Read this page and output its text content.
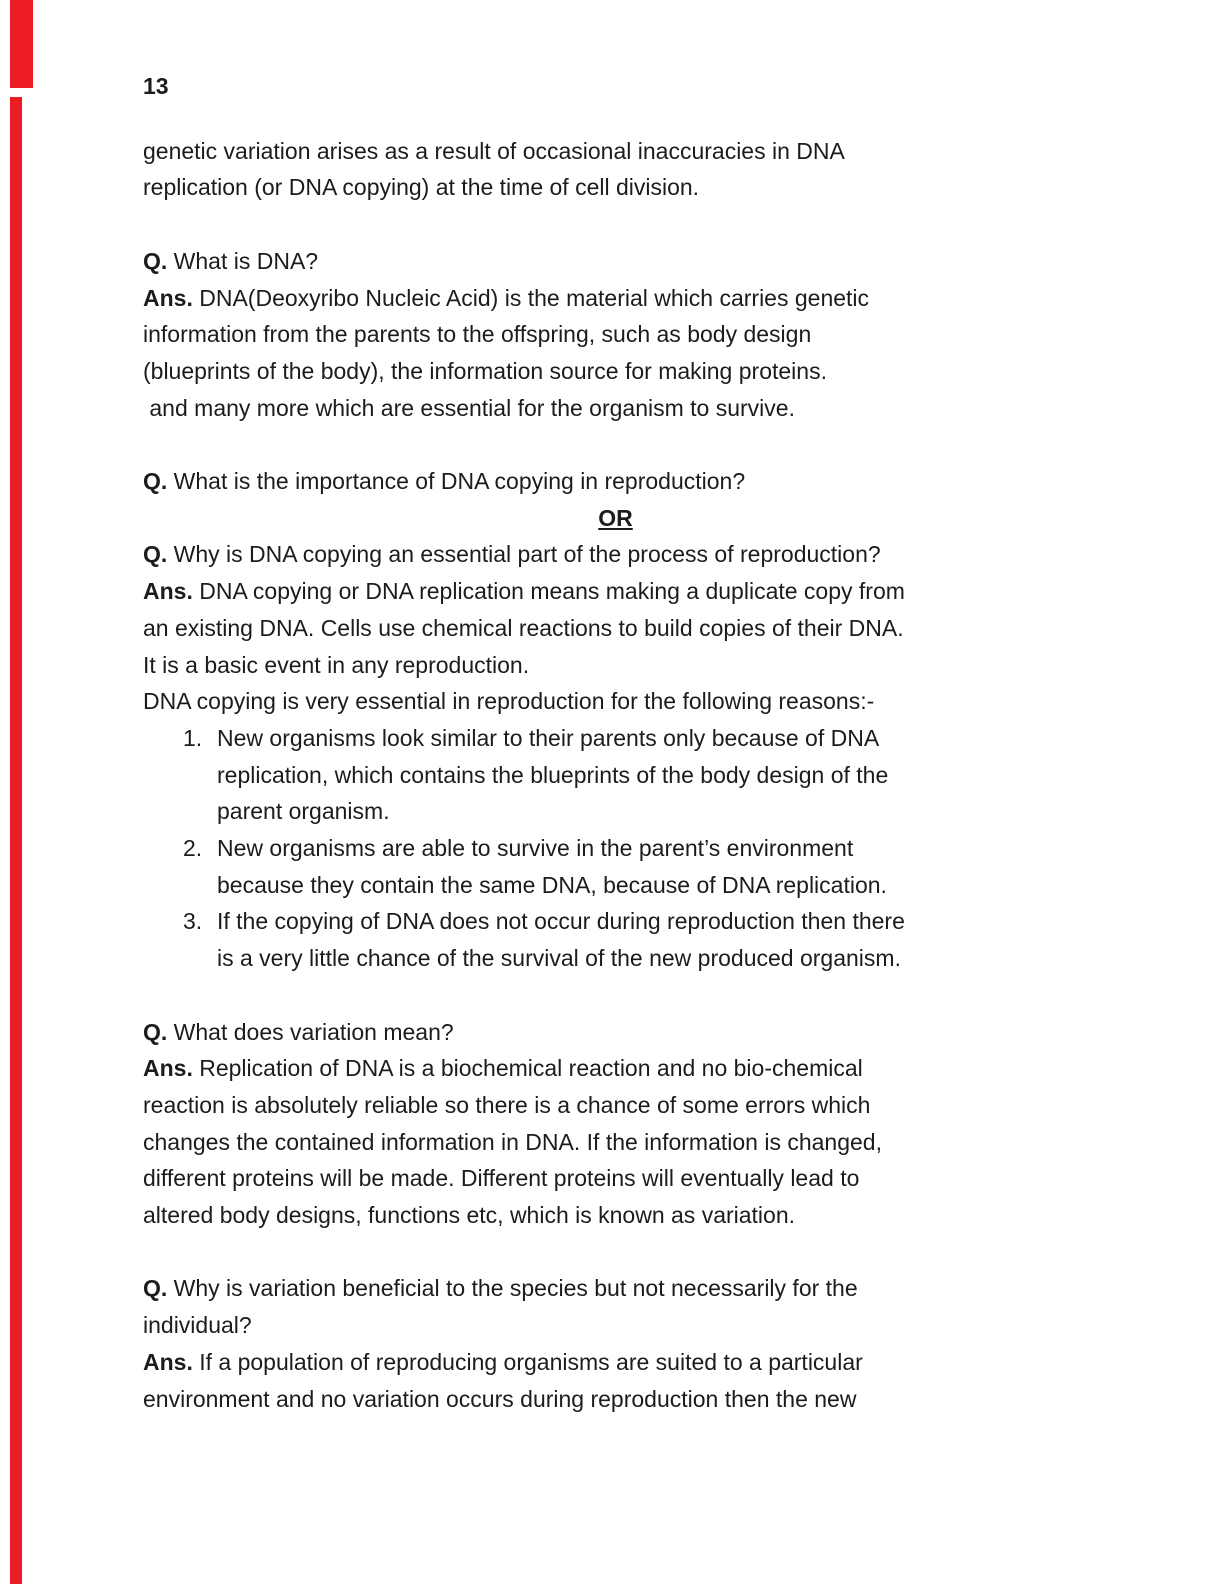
13
genetic variation arises as a result of occasional inaccuracies in DNA
replication (or DNA copying) at the time of cell division.
Q. What is DNA?
Ans. DNA(Deoxyribo Nucleic Acid) is the material which carries genetic
information from the parents to the offspring, such as body design
(blueprints of the body), the information source for making proteins.
and many more which are essential for the organism to survive.
Q. What is the importance of DNA copying in reproduction?
OR
Q. Why is DNA copying an essential part of the process of reproduction?
Ans. DNA copying or DNA replication means making a duplicate copy from
an existing DNA. Cells use chemical reactions to build copies of their DNA.
It is a basic event in any reproduction.
DNA copying is very essential in reproduction for the following reasons:-
1. New organisms look similar to their parents only because of DNA
replication, which contains the blueprints of the body design of the
parent organism.
2. New organisms are able to survive in the parent’s environment
because they contain the same DNA, because of DNA replication.
3. If the copying of DNA does not occur during reproduction then there
is a very little chance of the survival of the new produced organism.
Q. What does variation mean?
Ans. Replication of DNA is a biochemical reaction and no bio-chemical
reaction is absolutely reliable so there is a chance of some errors which
changes the contained information in DNA. If the information is changed,
different proteins will be made. Different proteins will eventually lead to
altered body designs, functions etc, which is known as variation.
Q. Why is variation beneficial to the species but not necessarily for the
individual?
Ans. If a population of reproducing organisms are suited to a particular
environment and no variation occurs during reproduction then the new
